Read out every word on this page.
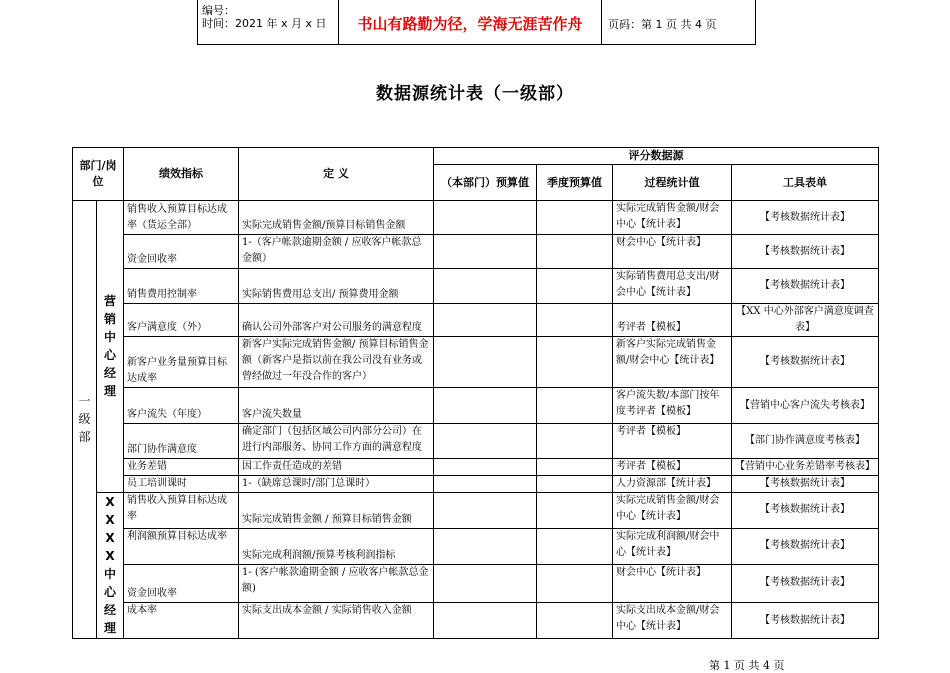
编号：
时间：2021 年 x 月 x 日	书山有路勤为径，学海无涯苦作舟	页码：第 1 页 共 4 页
数据源统计表（一级部）
部门/岗位		绩效指标	定 义	评分数据源			
				（本部门）预算值	季度预算值	过程统计值	工具表单
一级部	营销中心经理	销售收入预算目标达成率（货运全部）	实际完成销售金额/预算目标销售金额			实际完成销售金额/财会中心【统计表】	【考核数据统计表】
		资金回收率	1-（客户帐款逾期金额 / 应收客户帐款总金额）			财会中心【统计表】	【考核数据统计表】
		销售费用控制率	实际销售费用总支出/ 预算费用金额			实际销售费用总支出/财会中心【统计表】	【考核数据统计表】
		客户满意度（外）	确认公司外部客户对公司服务的满意程度			考评者【模板】	【XX 中心外部客户满意度调查表】
		新客户业务量预算目标达成率	新客户实际完成销售金额/ 预算目标销售金额（新客户是指以前在我公司没有业务或曾经做过一年没合作的客户）			新客户实际完成销售金额/财会中心【统计表】	【考核数据统计表】
		客户流失（年度）	客户流失数量			客户流失数/本部门按年度考评者【模板】	【营销中心客户流失考核表】
		部门协作满意度	确定部门（包括区域公司内部分公司）在进行内部服务、协同工作方面的满意程度			考评者【模板】	【部门协作满意度考核表】
		业务差错	因工作责任造成的差错			考评者【模板】	【营销中心业务差错率考核表】
		员工培训课时	1-（缺席总课时/部门总课时）			人力资源部【统计表】	【考核数据统计表】
	XXXX中心经理	销售收入预算目标达成率	实际完成销售金额 / 预算目标销售金额			实际完成销售金额/财会中心【统计表】	【考核数据统计表】
		利润额预算目标达成率	实际完成利润额/预算考核利润指标			实际完成利润额/财会中心【统计表】	【考核数据统计表】
		资金回收率	1- (客户帐款逾期金额 / 应收客户帐款总金额)			财会中心【统计表】	【考核数据统计表】
		成本率	实际支出成本金额 / 实际销售收入金额			实际支出成本金额/财会中心【统计表】	【考核数据统计表】
第 1 页 共 4 页
